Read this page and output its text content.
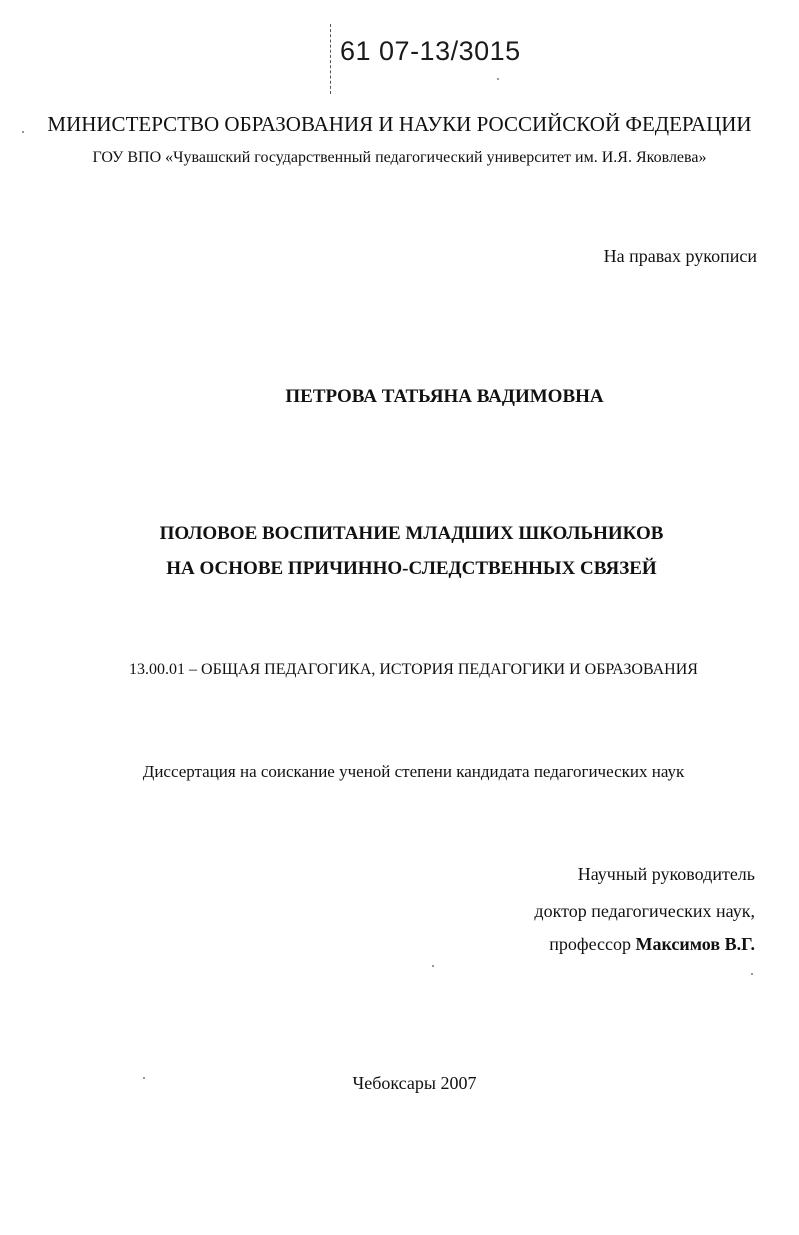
61 07-13/3015
МИНИСТЕРСТВО ОБРАЗОВАНИЯ И НАУКИ РОССИЙСКОЙ ФЕДЕРАЦИИ
ГОУ ВПО «Чувашский государственный педагогический университет им. И.Я. Яковлева»
На правах рукописи
ПЕТРОВА ТАТЬЯНА ВАДИМОВНА
ПОЛОВОЕ ВОСПИТАНИЕ МЛАДШИХ ШКОЛЬНИКОВ
НА ОСНОВЕ ПРИЧИННО-СЛЕДСТВЕННЫХ СВЯЗЕЙ
13.00.01 – ОБЩАЯ ПЕДАГОГИКА, ИСТОРИЯ ПЕДАГОГИКИ И ОБРАЗОВАНИЯ
Диссертация на соискание ученой степени кандидата педагогических наук
Научный руководитель
доктор педагогических наук,
профессор Максимов В.Г.
Чебоксары 2007
